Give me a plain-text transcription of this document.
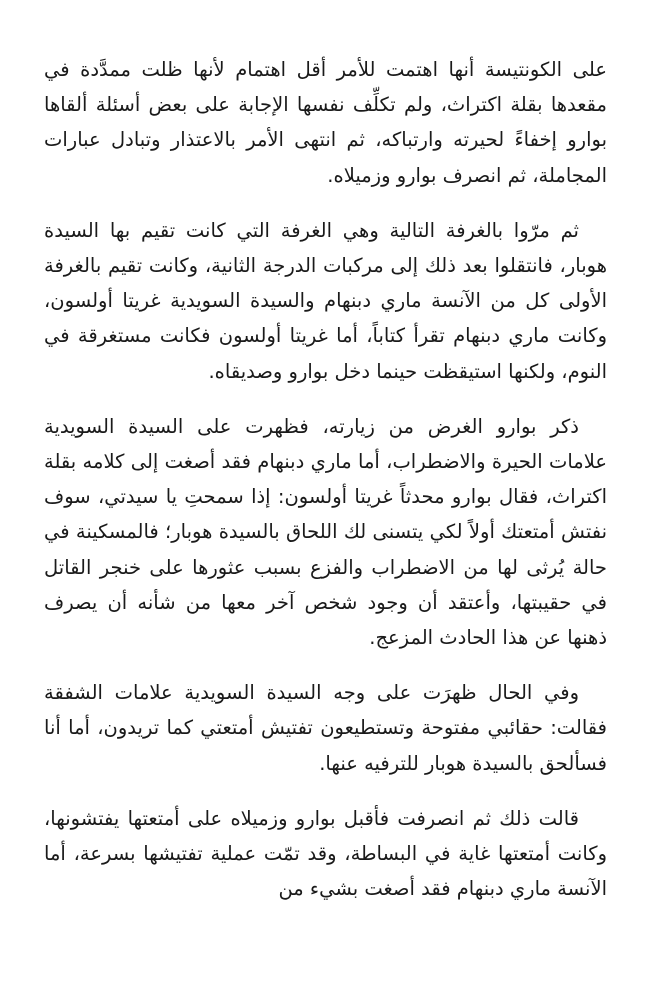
على الكونتيسة أنها اهتمت للأمر أقل اهتمام لأنها ظلت ممدَّدة في مقعدها بقلة اكتراث، ولم تكلِّف نفسها الإجابة على بعض أسئلة ألقاها بوارو إخفاءً لحيرته وارتباكه، ثم انتهى الأمر بالاعتذار وتبادل عبارات المجاملة، ثم انصرف بوارو وزميلاه.

ثم مرّوا بالغرفة التالية وهي الغرفة التي كانت تقيم بها السيدة هوبار، فانتقلوا بعد ذلك إلى مركبات الدرجة الثانية، وكانت تقيم بالغرفة الأولى كل من الآنسة ماري دبنهام والسيدة السويدية غريتا أولسون، وكانت ماري دبنهام تقرأ كتاباً، أما غريتا أولسون فكانت مستغرقة في النوم، ولكنها استيقظت حينما دخل بوارو وصديقاه.

ذكر بوارو الغرض من زيارته، فظهرت على السيدة السويدية علامات الحيرة والاضطراب، أما ماري دبنهام فقد أصغت إلى كلامه بقلة اكتراث، فقال بوارو محدثاً غريتا أولسون: إذا سمحتِ يا سيدتي، سوف نفتش أمتعتك أولاً لكي يتسنى لك اللحاق بالسيدة هوبار؛ فالمسكينة في حالة يُرثى لها من الاضطراب والفزع بسبب عثورها على خنجر القاتل في حقيبتها، وأعتقد أن وجود شخص آخر معها من شأنه أن يصرف ذهنها عن هذا الحادث المزعج.

وفي الحال ظهرَت على وجه السيدة السويدية علامات الشفقة فقالت: حقائبي مفتوحة وتستطيعون تفتيش أمتعتي كما تريدون، أما أنا فسألحق بالسيدة هوبار للترفيه عنها.

قالت ذلك ثم انصرفت فأقبل بوارو وزميلاه على أمتعتها يفتشونها، وكانت أمتعتها غاية في البساطة، وقد تمّت عملية تفتيشها بسرعة، أما الآنسة ماري دبنهام فقد أصغت بشيء من
